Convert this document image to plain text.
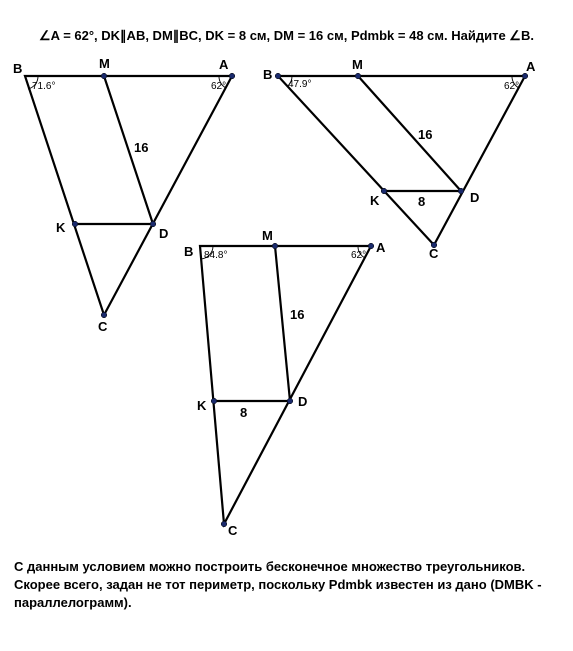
∠A = 62°, DK∥AB, DM∥BC, DK = 8 см, DM = 16 см, Pdmbk = 48 см. Найдите ∠B.

B	M	A
K	D
C
71.6°	62°
16
B
M	A
K	D
C
47.9°	62°
16
8
B
M
A
K	D
C
84.8°	62°
16
8

С данным условием можно построить бесконечное множество треугольников. Скорее всего, задан не тот периметр, поскольку Pdmbk известен из дано (DMBK - параллелограмм).
